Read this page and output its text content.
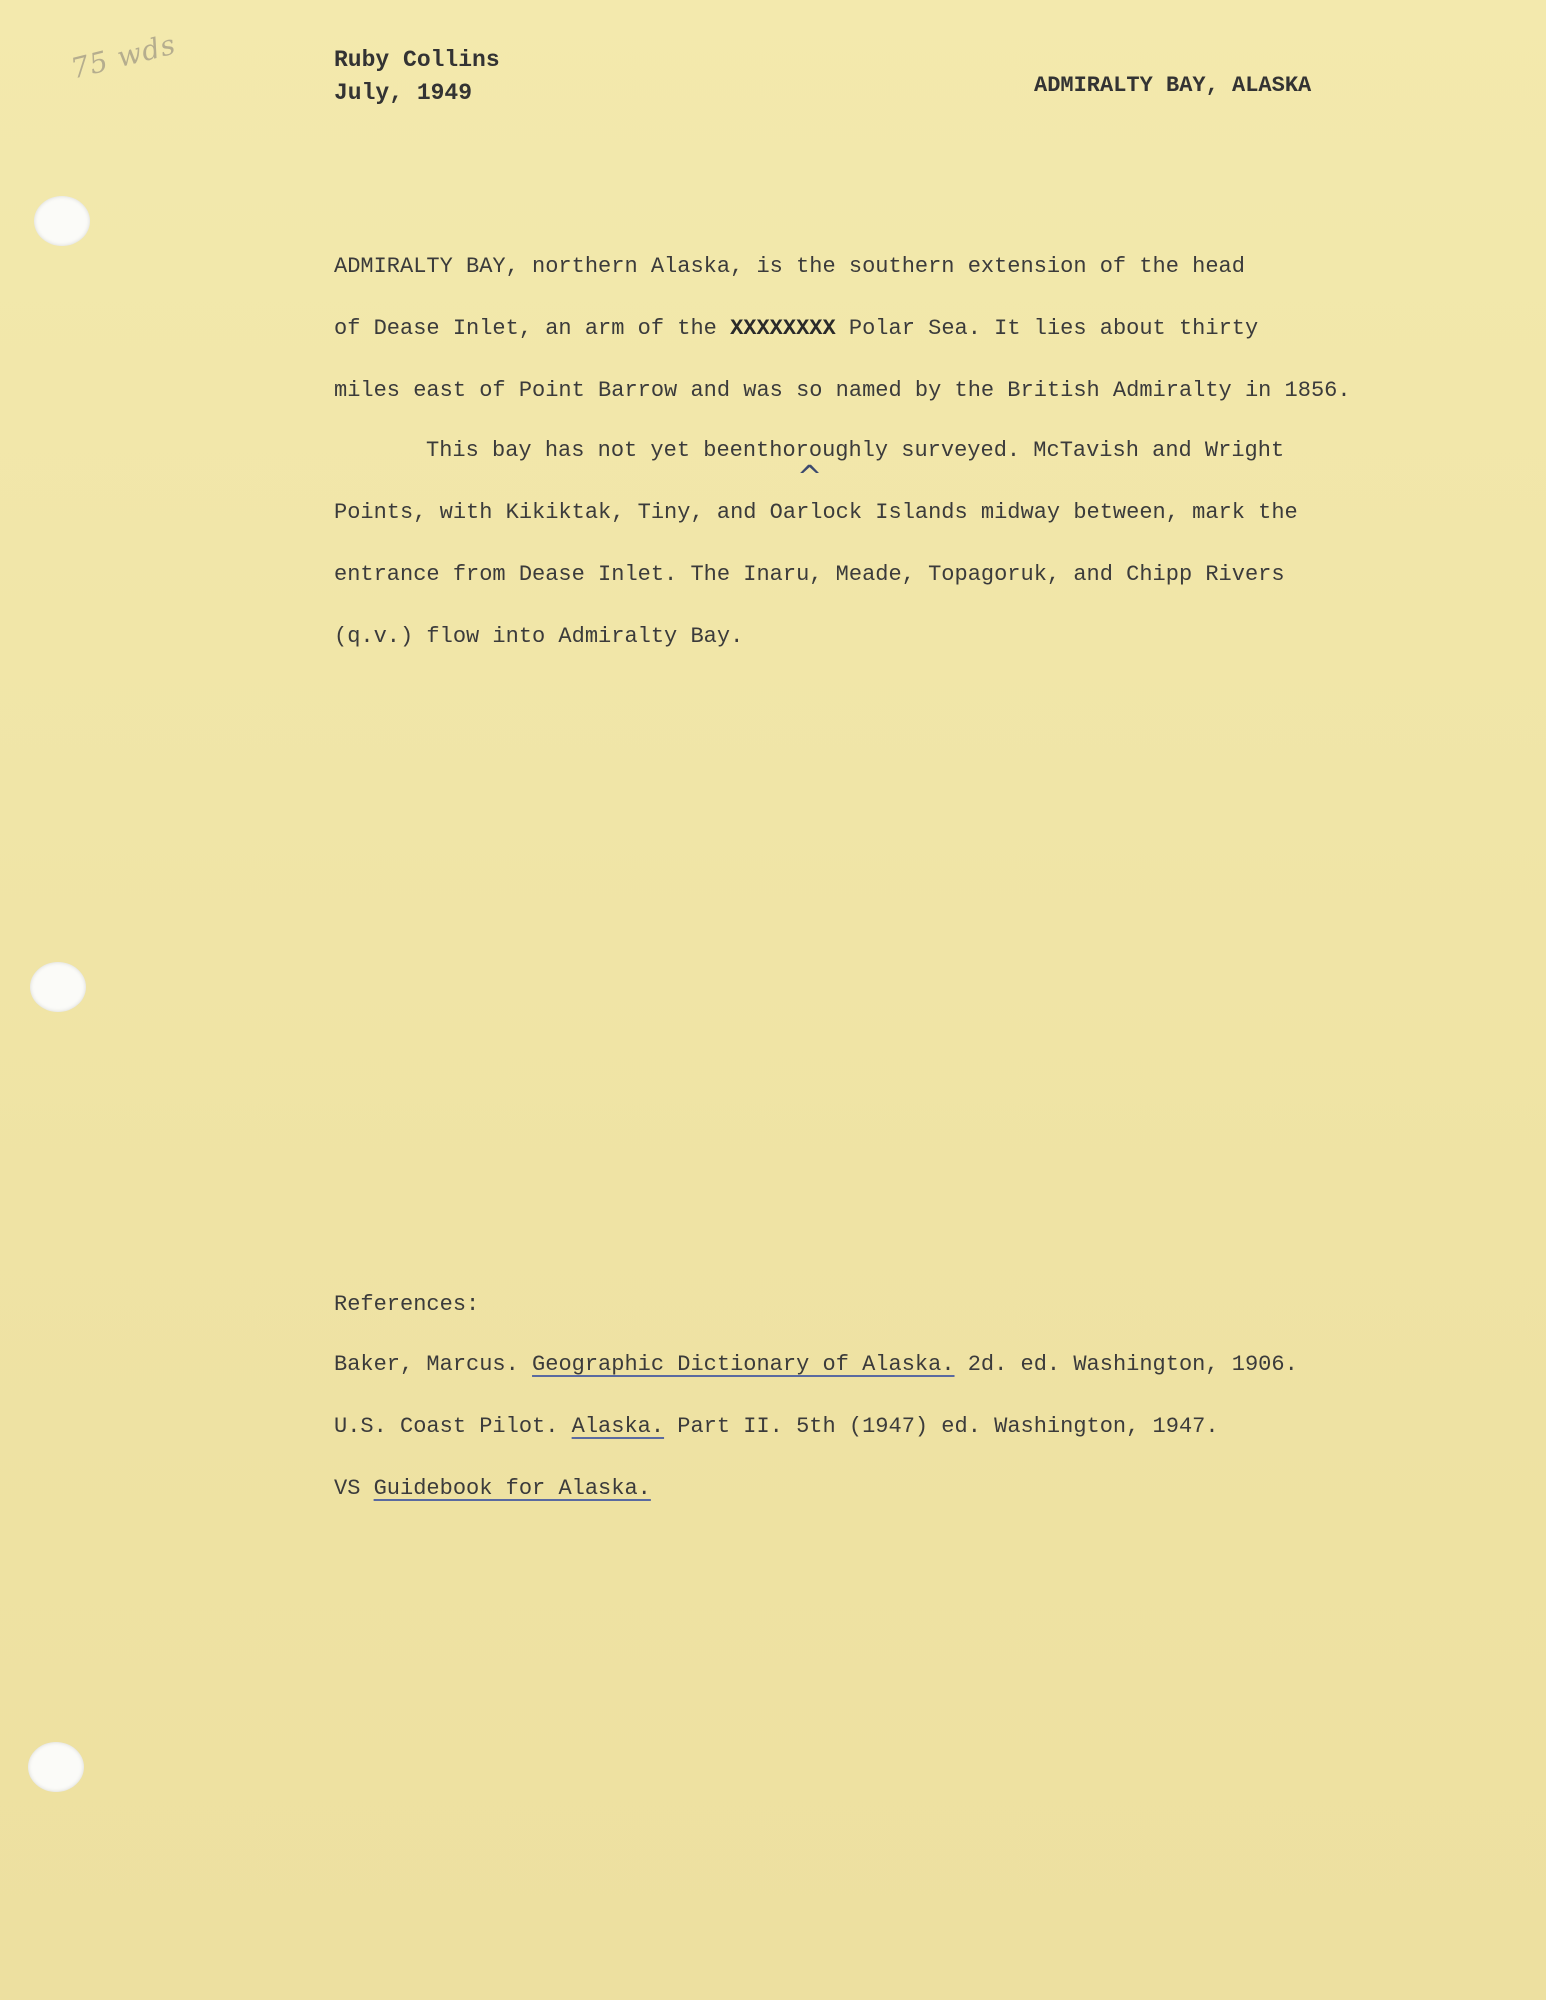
75 wds	Ruby Collins
July, 1949	ADMIRALTY BAY, ALASKA
ADMIRALTY BAY, northern Alaska, is the southern extension of the head
of Dease Inlet, an arm of the XXXXXXXX Polar Sea. It lies about thirty
miles east of Point Barrow and was so named by the British Admiralty in 1856.
This bay has not yet beenthoroughly surveyed. McTavish and Wright
Points, with Kikiktak, Tiny, and Oarlock Islands midway between, mark the
entrance from Dease Inlet. The Inaru, Meade, Topagoruk, and Chipp Rivers
(q.v.) flow into Admiralty Bay.
^
References:
Baker, Marcus. Geographic Dictionary of Alaska. 2d. ed. Washington, 1906.
U.S. Coast Pilot. Alaska. Part II. 5th (1947) ed. Washington, 1947.
VS Guidebook for Alaska.
